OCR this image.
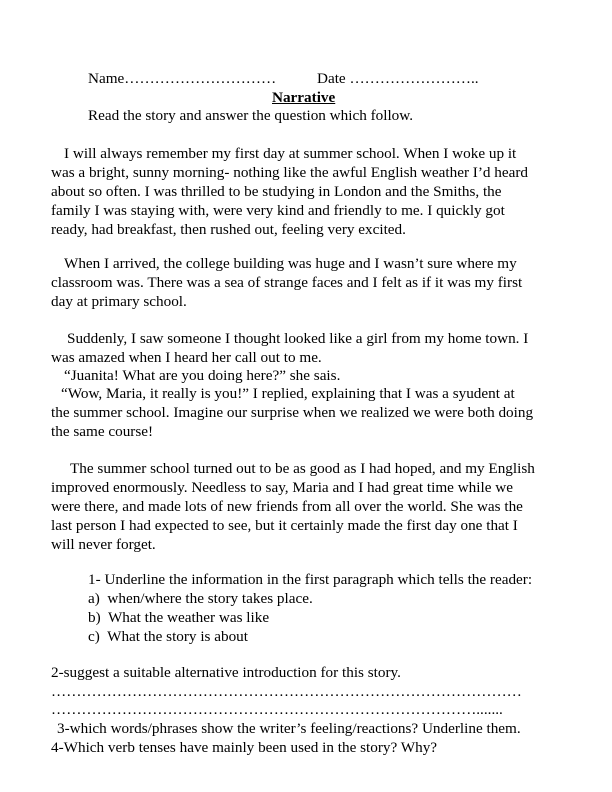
Name…………………………	Date ……………………..
Narrative
Read the story and answer the question which follow.
I will always remember my first day at summer school. When I woke up it
was a bright, sunny morning- nothing like the awful English weather I’d heard
about so often. I was thrilled to be studying in London and the Smiths, the
family I was staying with, were very kind and friendly to me. I quickly got
ready, had breakfast, then rushed out, feeling very excited.
When I arrived, the college building was huge and I wasn’t sure where my
classroom was. There was a sea of strange faces and I felt as if it was my first
day at primary school.
Suddenly, I saw someone I thought looked like a girl from my home town. I
was amazed when I heard her call out to me.
“Juanita! What are you doing here?” she sais.
“Wow, Maria, it really is you!” I replied, explaining that I was a syudent at
the summer school. Imagine our surprise when we realized we were both doing
the same course!
The summer school turned out to be as good as I had hoped, and my English
improved enormously. Needless to say, Maria and I had great time while we
were there, and made lots of new friends from all over the world. She was the
last person I had expected to see, but it certainly made the first day one that I
will never forget.
1- Underline the information in the first paragraph which tells the reader:
a)  when/where the story takes place.
b)  What the weather was like
c)  What the story is about
2-suggest a suitable alternative introduction for this story.
…………………………………………………………………………………
………………………………………………………………………….......
3-which words/phrases show the writer’s feeling/reactions? Underline them.
4-Which verb tenses have mainly been used in the story? Why?
